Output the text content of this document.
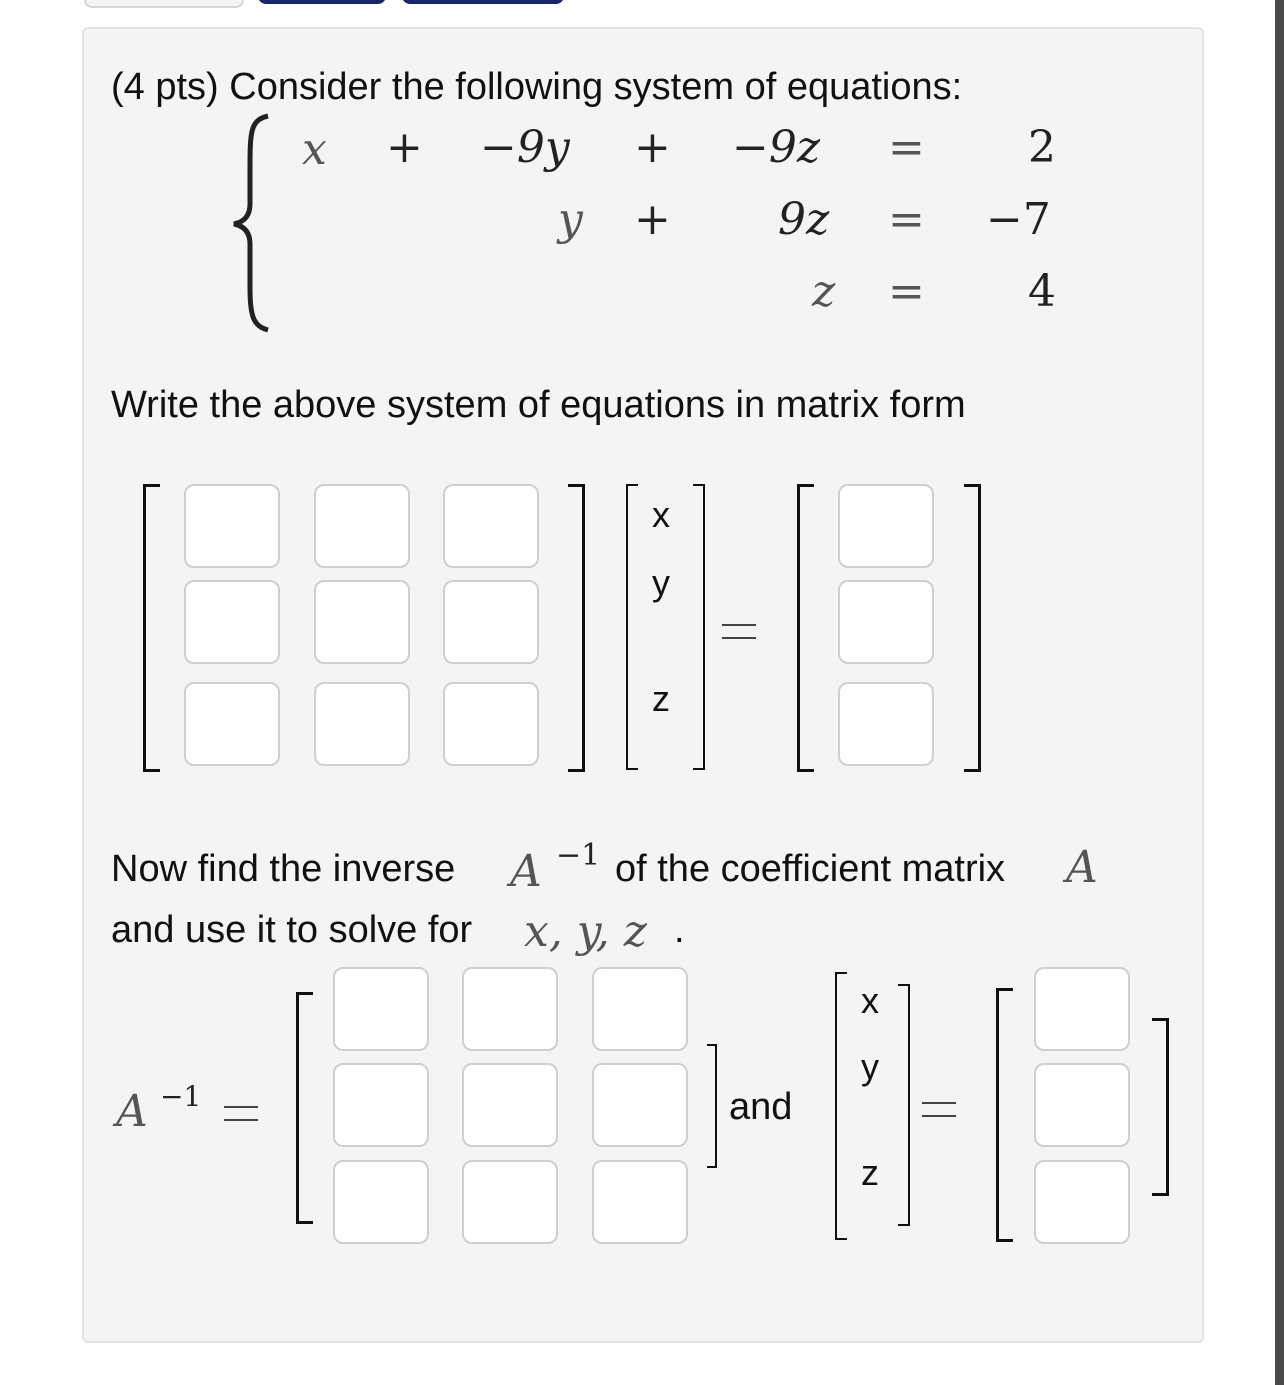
(4 pts) Consider the following system of equations:
x + −9y + −9z = 2
y + 9z = −7
z = 4
Write the above system of equations in matrix form
x
y
z
Now find the inverse A −1 of the coefficient matrix A
and use it to solve for x, y, z .
A −1	and
x
y
z
